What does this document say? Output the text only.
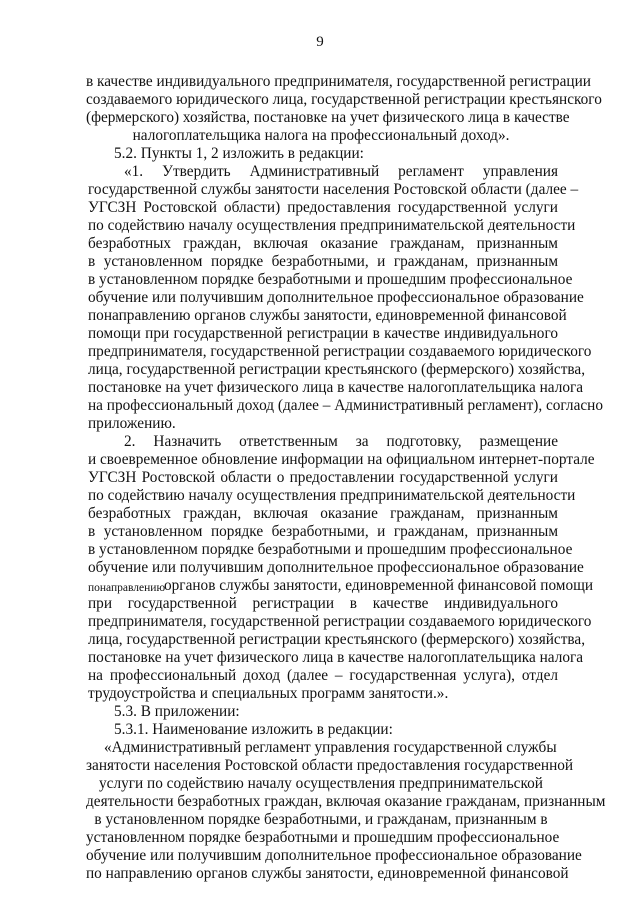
9
в качестве индивидуального предпринимателя, государственной регистрации
создаваемого юридического лица, государственной регистрации крестьянского
(фермерского) хозяйства, постановке на учет физического лица в качестве
налогоплательщика налога на профессиональный доход».
5.2. Пункты 1, 2 изложить в редакции:
«1. Утвердить Административный регламент управления
государственной службы занятости населения Ростовской области (далее –
УГСЗН Ростовской области) предоставления государственной услуги
по содействию началу осуществления предпринимательской деятельности
безработных граждан, включая оказание гражданам, признанным
в установленном порядке безработными, и гражданам, признанным
в установленном порядке безработными и прошедшим профессиональное
обучение или получившим дополнительное профессиональное образование
понаправлению органов службы занятости, единовременной финансовой
помощи при государственной регистрации в качестве индивидуального
предпринимателя, государственной регистрации создаваемого юридического
лица, государственной регистрации крестьянского (фермерского) хозяйства,
постановке на учет физического лица в качестве налогоплательщика налога
на профессиональный доход (далее – Административный регламент), согласно
приложению.
2. Назначить ответственным за подготовку, размещение
и своевременное обновление информации на официальном интернет-портале
УГСЗН Ростовской области о предоставлении государственной услуги
по содействию началу осуществления предпринимательской деятельности
безработных граждан, включая оказание гражданам, признанным
в установленном порядке безработными, и гражданам, признанным
в установленном порядке безработными и прошедшим профессиональное
обучение или получившим дополнительное профессиональное образование
понаправлению
органов службы занятости, единовременной финансовой помощи
при государственной регистрации в качестве индивидуального
предпринимателя, государственной регистрации создаваемого юридического
лица, государственной регистрации крестьянского (фермерского) хозяйства,
постановке на учет физического лица в качестве налогоплательщика налога
на профессиональный доход (далее – государственная услуга), отдел
трудоустройства и специальных программ занятости.».
5.3. В приложении:
5.3.1. Наименование изложить в редакции:
«Административный регламент управления государственной службы
занятости населения Ростовской области предоставления государственной
услуги по содействию началу осуществления предпринимательской
деятельности безработных граждан, включая оказание гражданам, признанным
в установленном порядке безработными, и гражданам, признанным в
установленном порядке безработными и прошедшим профессиональное
обучение или получившим дополнительное профессиональное образование
по направлению органов службы занятости, единовременной финансовой
